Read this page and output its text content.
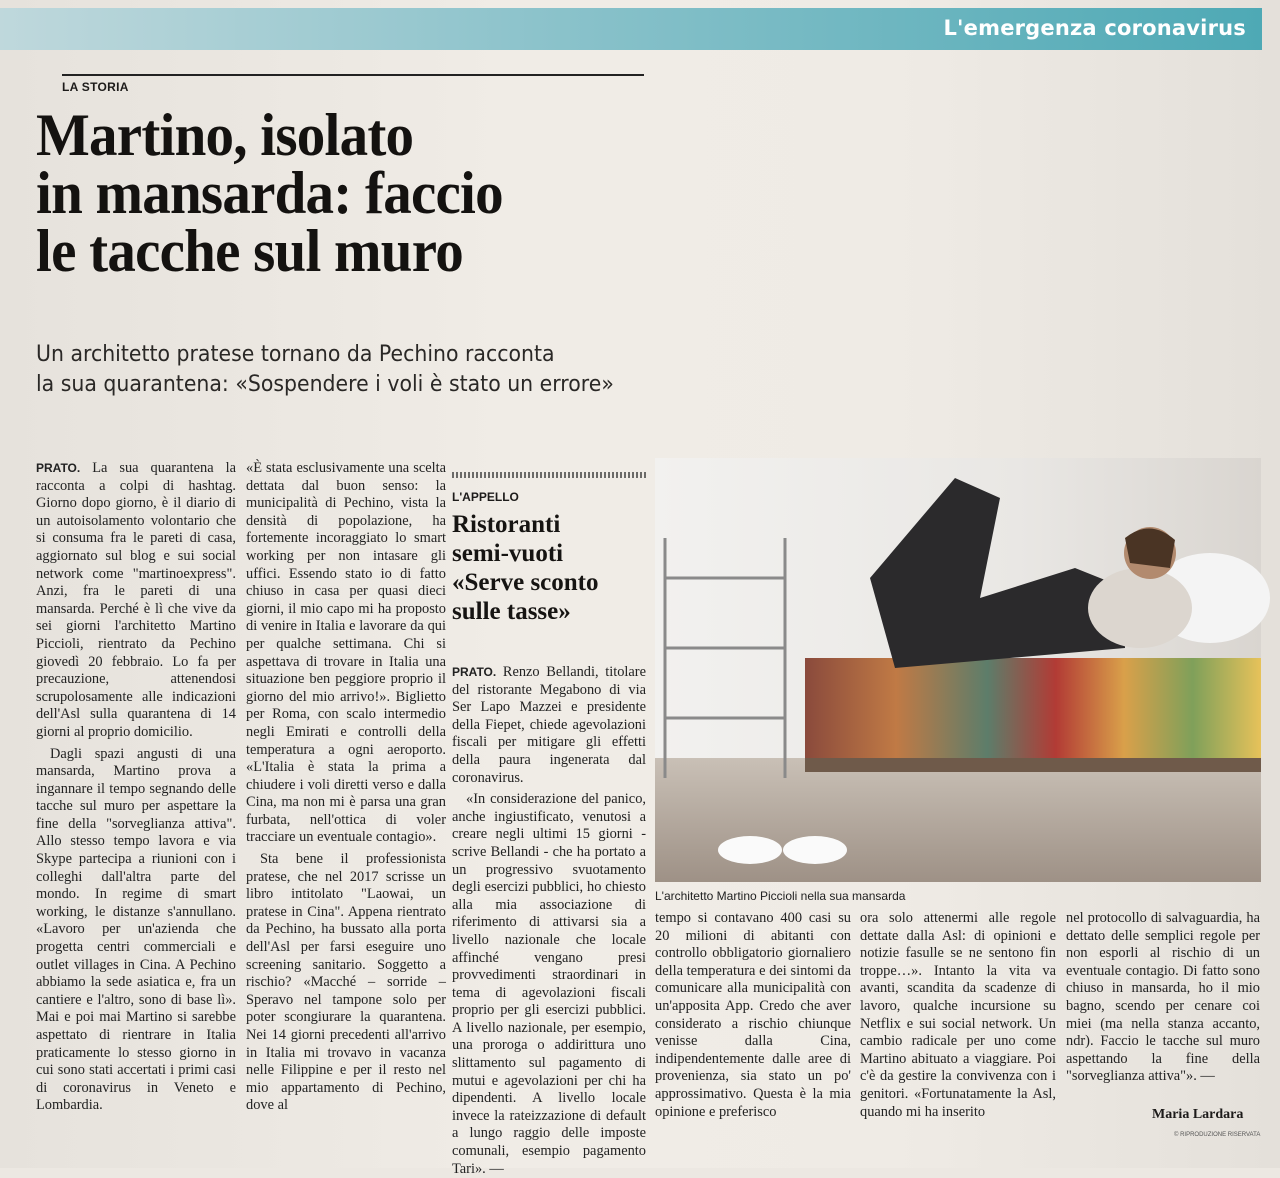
L'emergenza coronavirus
LA STORIA
Martino, isolato
in mansarda: faccio
le tacche sul muro
Un architetto pratese tornano da Pechino racconta
la sua quarantena: «Sospendere i voli è stato un errore»

PRATO. La sua quarantena la racconta a colpi di hashtag. Giorno dopo giorno, è il diario di un autoisolamento volontario che si consuma fra le pareti di casa, aggiornato sul blog e sui social network come "martinoexpress". Anzi, fra le pareti di una mansarda. Perché è lì che vive da sei giorni l'architetto Martino Piccioli, rientrato da Pechino giovedì 20 febbraio. Lo fa per precauzione, attenendosi scrupolosamente alle indicazioni dell'Asl sulla quarantena di 14 giorni al proprio domicilio.

Dagli spazi angusti di una mansarda, Martino prova a ingannare il tempo segnando delle tacche sul muro per aspettare la fine della "sorveglianza attiva". Allo stesso tempo lavora e via Skype partecipa a riunioni con i colleghi dall'altra parte del mondo. In regime di smart working, le distanze s'annullano. «Lavoro per un'azienda che progetta centri commerciali e outlet villages in Cina. A Pechino abbiamo la sede asiatica e, fra un cantiere e l'altro, sono di base lì». Mai e poi mai Martino si sarebbe aspettato di rientrare in Italia praticamente lo stesso giorno in cui sono stati accertati i primi casi di coronavirus in Veneto e Lombardia.

«È stata esclusivamente una scelta dettata dal buon senso: la municipalità di Pechino, vista la densità di popolazione, ha fortemente incoraggiato lo smart working per non intasare gli uffici. Essendo stato io di fatto chiuso in casa per quasi dieci giorni, il mio capo mi ha proposto di venire in Italia e lavorare da qui per qualche settimana. Chi si aspettava di trovare in Italia una situazione ben peggiore proprio il giorno del mio arrivo!». Biglietto per Roma, con scalo intermedio negli Emirati e controlli della temperatura a ogni aeroporto. «L'Italia è stata la prima a chiudere i voli diretti verso e dalla Cina, ma non mi è parsa una gran furbata, nell'ottica di voler tracciare un eventuale contagio».

Sta bene il professionista pratese, che nel 2017 scrisse un libro intitolato "Laowai, un pratese in Cina". Appena rientrato da Pechino, ha bussato alla porta dell'Asl per farsi eseguire uno screening sanitario. Soggetto a rischio? «Macché – sorride – Speravo nel tampone solo per poter scongiurare la quarantena. Nei 14 giorni precedenti all'arrivo in Italia mi trovavo in vacanza nelle Filippine e per il resto nel mio appartamento di Pechino, dove al

L'APPELLO
Ristoranti
semi-vuoti
«Serve sconto
sulle tasse»

PRATO. Renzo Bellandi, titolare del ristorante Megabono di via Ser Lapo Mazzei e presidente della Fiepet, chiede agevolazioni fiscali per mitigare gli effetti della paura ingenerata dal coronavirus.

«In considerazione del panico, anche ingiustificato, venutosi a creare negli ultimi 15 giorni - scrive Bellandi - che ha portato a un progressivo svuotamento degli esercizi pubblici, ho chiesto alla mia associazione di riferimento di attivarsi sia a livello nazionale che locale affinché vengano presi provvedimenti straordinari in tema di agevolazioni fiscali proprio per gli esercizi pubblici. A livello nazionale, per esempio, una proroga o addirittura uno slittamento sul pagamento di mutui e agevolazioni per chi ha dipendenti. A livello locale invece la rateizzazione di default a lungo raggio delle imposte comunali, esempio pagamento Tari». —

L'architetto Martino Piccioli nella sua mansarda

tempo si contavano 400 casi su 20 milioni di abitanti con controllo obbligatorio giornaliero della temperatura e dei sintomi da comunicare alla municipalità con un'apposita App. Credo che aver considerato a rischio chiunque venisse dalla Cina, indipendentemente dalle aree di provenienza, sia stato un po' approssimativo. Questa è la mia opinione e preferisco

ora solo attenermi alle regole dettate dalla Asl: di opinioni e notizie fasulle se ne sentono fin troppe…». Intanto la vita va avanti, scandita da scadenze di lavoro, qualche incursione su Netflix e sui social network. Un cambio radicale per uno come Martino abituato a viaggiare. Poi c'è da gestire la convivenza con i genitori. «Fortunatamente la Asl, quando mi ha inserito

nel protocollo di salvaguardia, ha dettato delle semplici regole per non esporli al rischio di un eventuale contagio. Di fatto sono chiuso in mansarda, ho il mio bagno, scendo per cenare coi miei (ma nella stanza accanto, ndr). Faccio le tacche sul muro aspettando la fine della "sorveglianza attiva"». —

Maria Lardara
© RIPRODUZIONE RISERVATA
